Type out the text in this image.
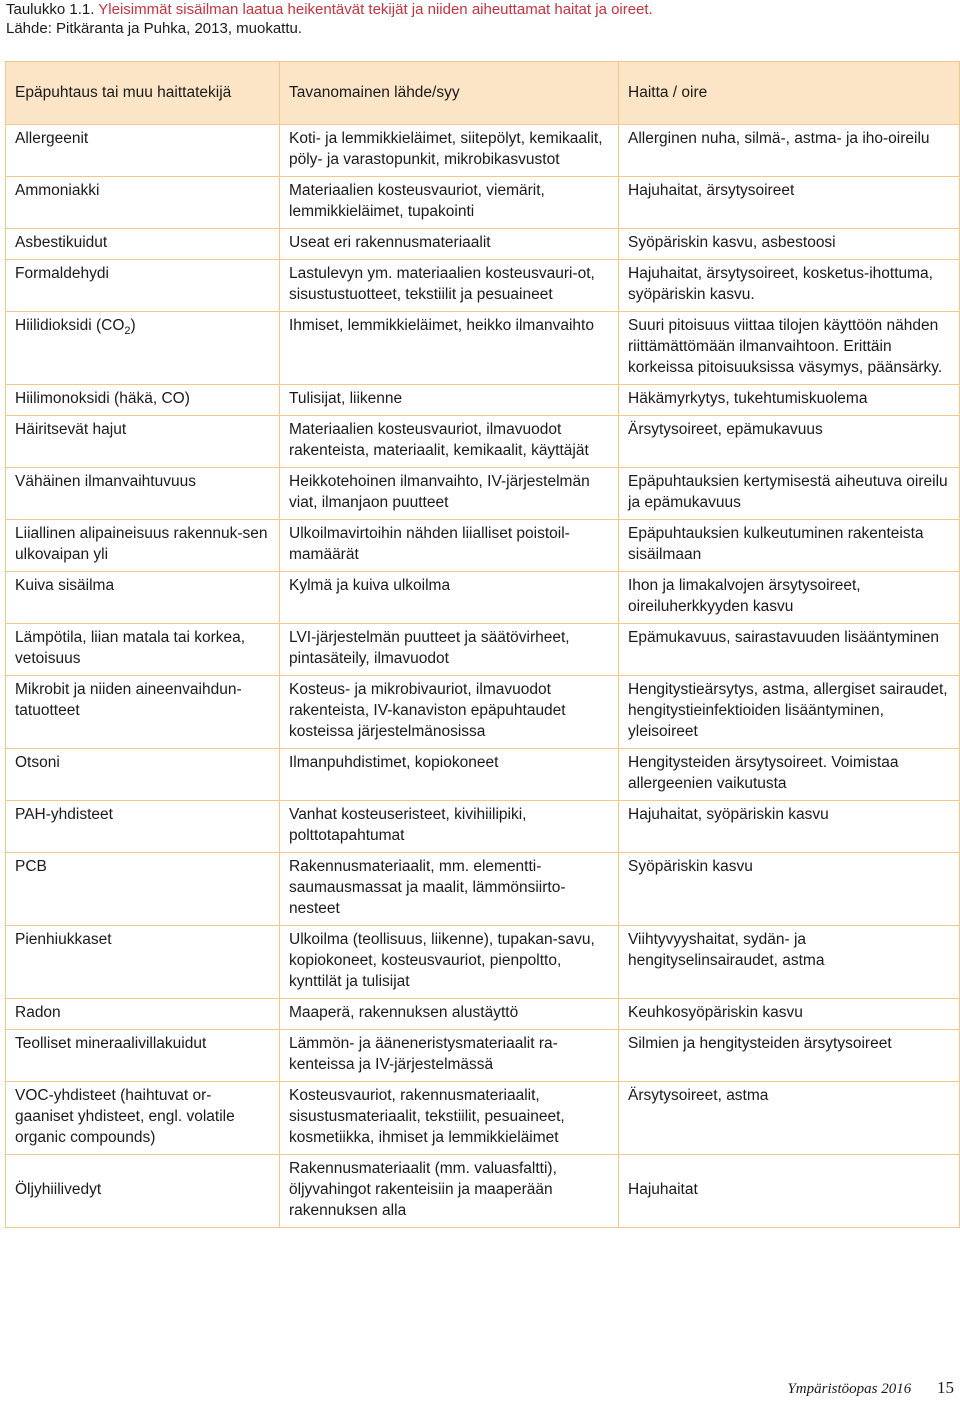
Taulukko 1.1. Yleisimmät sisäilman laatua heikentävät tekijät ja niiden aiheuttamat haitat ja oireet.
Lähde: Pitkäranta ja Puhka, 2013, muokattu.
Epäpuhtaus tai muu haittatekijä	Tavanomainen lähde/syy	Haitta / oire
Allergeenit	Koti- ja lemmikkieläimet, siitepölyt, kemikaalit, pöly- ja varastopunkit, mikrobikasvustot	Allerginen nuha, silmä-, astma- ja iho-oireilu
Ammoniakki	Materiaalien kosteusvauriot, viemärit, lemmikkieläimet, tupakointi	Hajuhaitat, ärsytysoireet
Asbestikuidut	Useat eri rakennusmateriaalit	Syöpäriskin kasvu, asbestoosi
Formaldehydi	Lastulevyn ym. materiaalien kosteusvauri-ot, sisustustuotteet, tekstiilit ja pesuaineet	Hajuhaitat, ärsytysoireet, kosketus-ihottuma, syöpäriskin kasvu.
Hiilidioksidi $(CO_2)$	Ihmiset, lemmikkieläimet, heikko ilmanvaihto	Suuri pitoisuus viittaa tilojen käyttöön nähden riittämättömään ilmanvaihtoon. Erittäin korkeissa pitoisuuksissa väsymys, päänsärky.
Hiilimonoksidi (häkä, CO)	Tulisijat, liikenne	Häkämyrkytys, tukehtumiskuolema
Häiritsevät hajut	Materiaalien kosteusvauriot, ilmavuodot rakenteista, materiaalit, kemikaalit, käyttäjät	Ärsytysoireet, epämukavuus
Vähäinen ilmanvaihtuvuus	Heikkotehoinen ilmanvaihto, IV-järjestelmän viat, ilmanjaon puutteet	Epäpuhtauksien kertymisestä aiheutuva oireilu ja epämukavuus
Liiallinen alipaineisuus rakennuk-sen ulkovaipan yli	Ulkoilmavirtoihin nähden liialliset poistoil-mamäärät	Epäpuhtauksien kulkeutuminen rakenteista sisäilmaan
Kuiva sisäilma	Kylmä ja kuiva ulkoilma	Ihon ja limakalvojen ärsytysoireet, oireiluherkkyyden kasvu
Lämpötila, liian matala tai korkea, vetoisuus	LVI-järjestelmän puutteet ja säätövirheet, pintasäteily, ilmavuodot	Epämukavuus, sairastavuuden lisääntyminen
Mikrobit ja niiden aineenvaihdun-tatuotteet	Kosteus- ja mikrobivauriot, ilmavuodot rakenteista, IV-kanaviston epäpuhtaudet kosteissa järjestelmänosissa	Hengitystieärsytys, astma, allergiset sairaudet, hengitystieinfektioiden lisääntyminen, yleisoireet
Otsoni	Ilmanpuhdistimet, kopiokoneet	Hengitysteiden ärsytysoireet. Voimistaa allergeenien vaikutusta
PAH-yhdisteet	Vanhat kosteuseristeet, kivihiilipiki, polttotapahtumat	Hajuhaitat, syöpäriskin kasvu
PCB	Rakennusmateriaalit, mm. elementti-saumausmassat ja maalit, lämmönsiirto-nesteet	Syöpäriskin kasvu
Pienhiukkaset	Ulkoilma (teollisuus, liikenne), tupakan-savu, kopiokoneet, kosteusvauriot, pienpoltto, kynttilät ja tulisijat	Viihtyvyyshaitat, sydän- ja hengityselinsairaudet, astma
Radon	Maaperä, rakennuksen alustäyttö	Keuhkosyöpäriskin kasvu
Teolliset mineraalivillakuidut	Lämmön- ja ääneneristysmateriaalit ra-kenteissa ja IV-järjestelmässä	Silmien ja hengitysteiden ärsytysoireet
VOC-yhdisteet (haihtuvat or-gaaniset yhdisteet, engl. volatile organic compounds)	Kosteusvauriot, rakennusmateriaalit, sisustusmateriaalit, tekstiilit, pesuaineet, kosmetiikka, ihmiset ja lemmikkieläimet	Ärsytysoireet, astma
Öljyhiilivedyt	Rakennusmateriaalit (mm. valuasfaltti), öljyvahingot rakenteisiin ja maaperään rakennuksen alla	Hajuhaitat
Ympäristöopas 2016 15
